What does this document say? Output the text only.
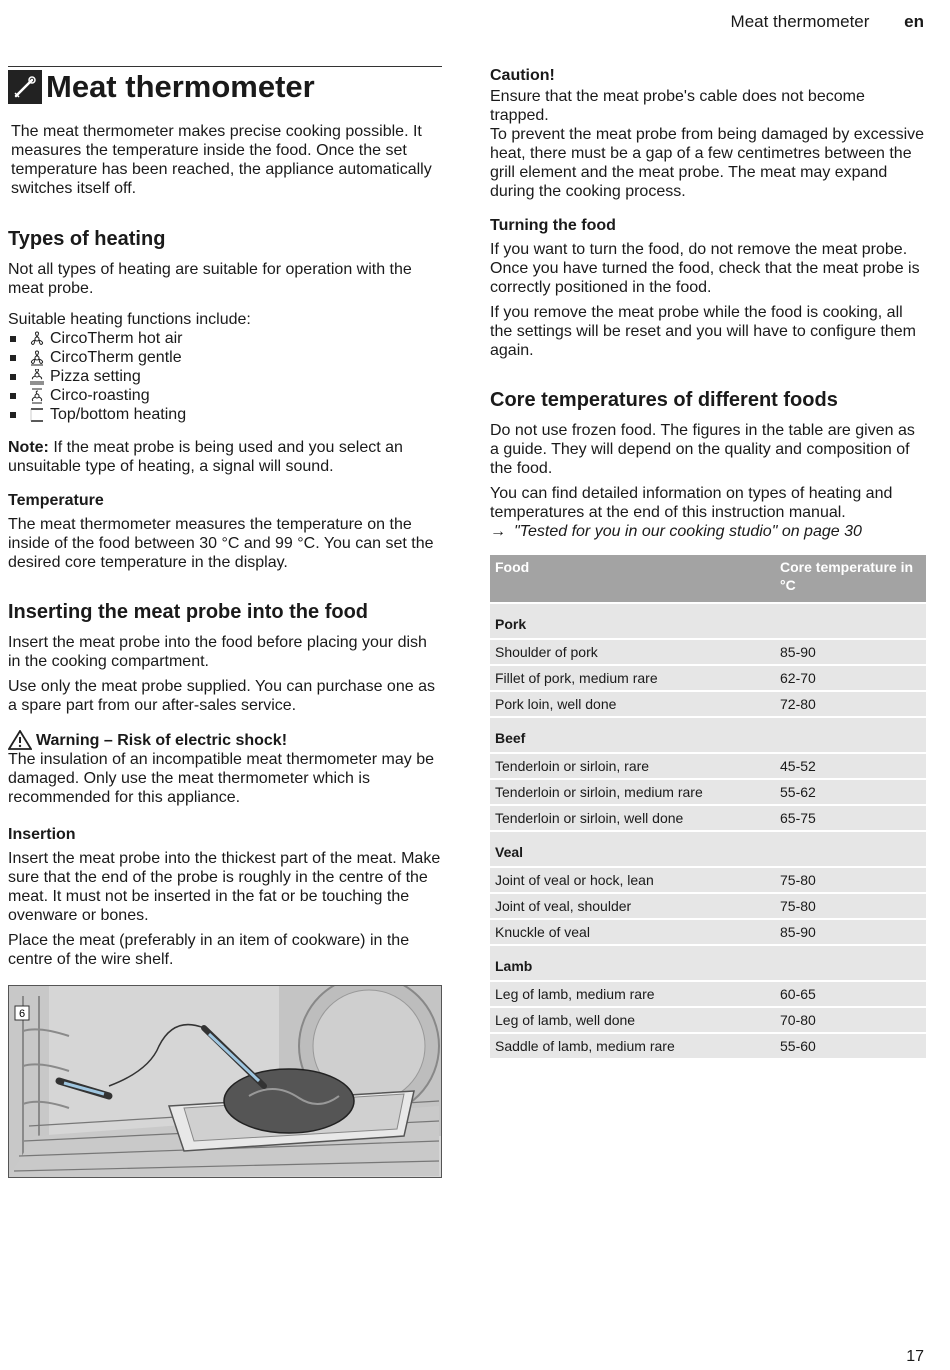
Meat thermometer en
Meat thermometer

The meat thermometer makes precise cooking possible. It measures the temperature inside the food. Once the set temperature has been reached, the appliance automatically switches itself off.

Types of heating

Not all types of heating are suitable for operation with the meat probe.

Suitable heating functions include:

CircoTherm hot air
CircoTherm gentle
Pizza setting
Circo-roasting
Top/bottom heating

Note: If the meat probe is being used and you select an unsuitable type of heating, a signal will sound.

Temperature

The meat thermometer measures the temperature on the inside of the food between 30 °C and 99 °C. You can set the desired core temperature in the display.

Inserting the meat probe into the food

Insert the meat probe into the food before placing your dish in the cooking compartment.

Use only the meat probe supplied. You can purchase one as a spare part from our after-sales service.

Warning – Risk of electric shock!

The insulation of an incompatible meat thermometer may be damaged. Only use the meat thermometer which is recommended for this appliance.

Insertion

Insert the meat probe into the thickest part of the meat. Make sure that the end of the probe is roughly in the centre of the meat. It must not be inserted in the fat or be touching the ovenware or bones.

Place the meat (preferably in an item of cookware) in the centre of the wire shelf.

6
Caution!

Ensure that the meat probe's cable does not become trapped.

To prevent the meat probe from being damaged by excessive heat, there must be a gap of a few centimetres between the grill element and the meat probe. The meat may expand during the cooking process.

Turning the food

If you want to turn the food, do not remove the meat probe. Once you have turned the food, check that the meat probe is correctly positioned in the food.

If you remove the meat probe while the food is cooking, all the settings will be reset and you will have to configure them again.

Core temperatures of different foods

Do not use frozen food. The figures in the table are given as a guide. They will depend on the quality and composition of the food.

You can find detailed information on types of heating and temperatures at the end of this instruction manual.

→ "Tested for you in our cooking studio" on page 30

Food	Core temperature in °C
Pork	
Shoulder of pork	85-90
Fillet of pork, medium rare	62-70
Pork loin, well done	72-80
Beef	
Tenderloin or sirloin, rare	45-52
Tenderloin or sirloin, medium rare	55-62
Tenderloin or sirloin, well done	65-75
Veal	
Joint of veal or hock, lean	75-80
Joint of veal, shoulder	75-80
Knuckle of veal	85-90
Lamb	
Leg of lamb, medium rare	60-65
Leg of lamb, well done	70-80
Saddle of lamb, medium rare	55-60
17
